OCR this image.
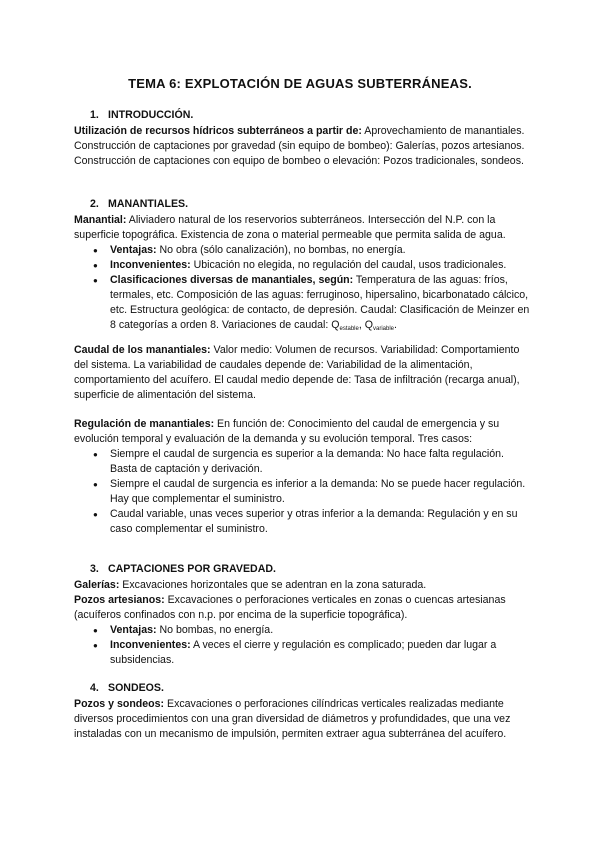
TEMA 6: EXPLOTACIÓN DE AGUAS SUBTERRÁNEAS.
1. INTRODUCCIÓN.

Utilización de recursos hídricos subterráneos a partir de: Aprovechamiento de manantiales. Construcción de captaciones por gravedad (sin equipo de bombeo): Galerías, pozos artesianos. Construcción de captaciones con equipo de bombeo o elevación: Pozos tradicionales, sondeos.

2. MANANTIALES.

Manantial: Aliviadero natural de los reservorios subterráneos. Intersección del N.P. con la superficie topográfica. Existencia de zona o material permeable que permita salida de agua.

● Ventajas: No obra (sólo canalización), no bombas, no energía.
● Inconvenientes: Ubicación no elegida, no regulación del caudal, usos tradicionales.
● Clasificaciones diversas de manantiales, según: Temperatura de las aguas: fríos, termales, etc. Composición de las aguas: ferruginoso, hipersalino, bicarbonatado cálcico, etc. Estructura geológica: de contacto, de depresión. Caudal: Clasificación de Meinzer en 8 categorías a orden 8. Variaciones de caudal: $Q_{estable}$, $Q_{variable}$.

Caudal de los manantiales: Valor medio: Volumen de recursos. Variabilidad: Comportamiento del sistema. La variabilidad de caudales depende de: Variabilidad de la alimentación, comportamiento del acuífero. El caudal medio depende de: Tasa de infiltración (recarga anual), superficie de alimentación del sistema.

Regulación de manantiales: En función de: Conocimiento del caudal de emergencia y su evolución temporal y evaluación de la demanda y su evolución temporal. Tres casos:

● Siempre el caudal de surgencia es superior a la demanda: No hace falta regulación. Basta de captación y derivación.
● Siempre el caudal de surgencia es inferior a la demanda: No se puede hacer regulación. Hay que complementar el suministro.
● Caudal variable, unas veces superior y otras inferior a la demanda: Regulación y en su caso complementar el suministro.
3. CAPTACIONES POR GRAVEDAD.

Galerías: Excavaciones horizontales que se adentran en la zona saturada.

Pozos artesianos: Excavaciones o perforaciones verticales en zonas o cuencas artesianas (acuíferos confinados con n.p. por encima de la superficie topográfica).

● Ventajas: No bombas, no energía.
● Inconvenientes: A veces el cierre y regulación es complicado; pueden dar lugar a subsidencias.
4. SONDEOS.

Pozos y sondeos: Excavaciones o perforaciones cilíndricas verticales realizadas mediante diversos procedimientos con una gran diversidad de diámetros y profundidades, que una vez instaladas con un mecanismo de impulsión, permiten extraer agua subterránea del acuífero.
